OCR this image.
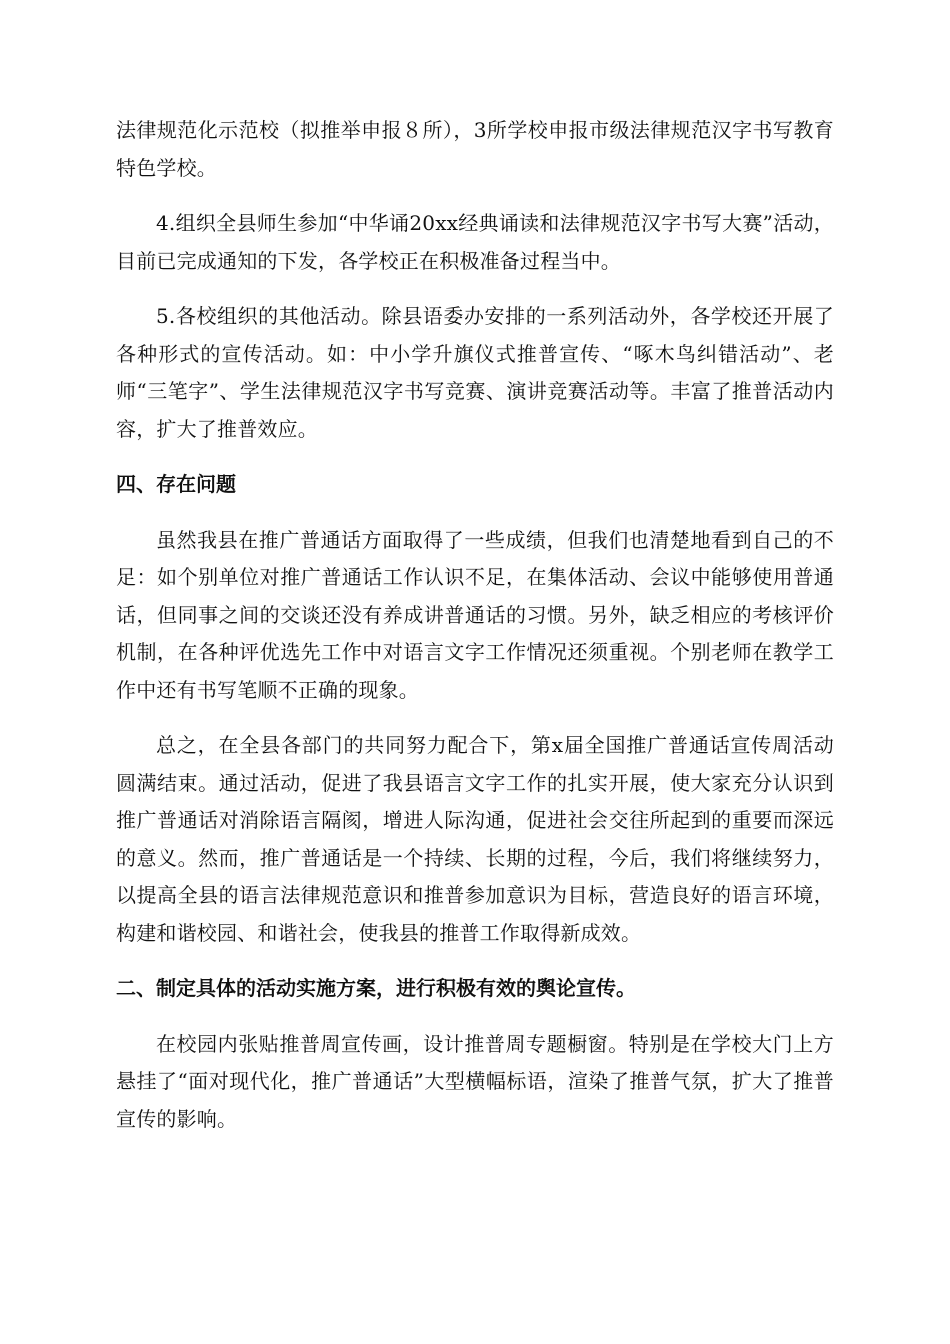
法律规范化示范校（拟推举申报８所），3所学校申报市级法律规范汉字书写教育特色学校。

4.组织全县师生参加“中华诵20xx经典诵读和法律规范汉字书写大赛”活动，目前已完成通知的下发，各学校正在积极准备过程当中。

5.各校组织的其他活动。除县语委办安排的一系列活动外，各学校还开展了各种形式的宣传活动。如：中小学升旗仪式推普宣传、“啄木鸟纠错活动”、老师“三笔字”、学生法律规范汉字书写竞赛、演讲竞赛活动等。丰富了推普活动内容，扩大了推普效应。

四、存在问题

虽然我县在推广普通话方面取得了一些成绩，但我们也清楚地看到自己的不足：如个别单位对推广普通话工作认识不足，在集体活动、会议中能够使用普通话，但同事之间的交谈还没有养成讲普通话的习惯。另外，缺乏相应的考核评价机制，在各种评优选先工作中对语言文字工作情况还须重视。个别老师在教学工作中还有书写笔顺不正确的现象。

总之，在全县各部门的共同努力配合下，第x届全国推广普通话宣传周活动圆满结束。通过活动，促进了我县语言文字工作的扎实开展，使大家充分认识到推广普通话对消除语言隔阂，增进人际沟通，促进社会交往所起到的重要而深远的意义。然而，推广普通话是一个持续、长期的过程，今后，我们将继续努力，以提高全县的语言法律规范意识和推普参加意识为目标，营造良好的语言环境，构建和谐校园、和谐社会，使我县的推普工作取得新成效。

二、制定具体的活动实施方案，进行积极有效的舆论宣传。

在校园内张贴推普周宣传画，设计推普周专题橱窗。特别是在学校大门上方悬挂了“面对现代化，推广普通话”大型横幅标语，渲染了推普气氛，扩大了推普宣传的影响。
